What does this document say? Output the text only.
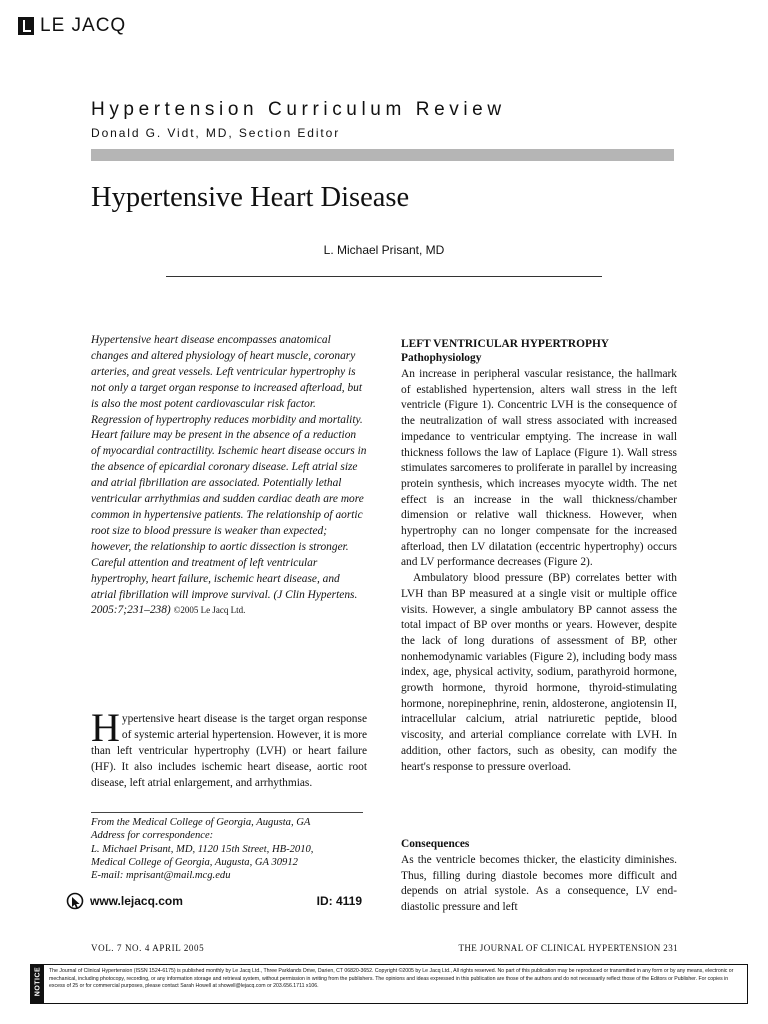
LE JACQ
Hypertension Curriculum Review
Donald G. Vidt, MD, Section Editor
Hypertensive Heart Disease
L. Michael Prisant, MD
Hypertensive heart disease encompasses anatomical changes and altered physiology of heart muscle, coronary arteries, and great vessels. Left ventricular hypertrophy is not only a target organ response to increased afterload, but is also the most potent cardiovascular risk factor. Regression of hypertrophy reduces morbidity and mortality. Heart failure may be present in the absence of a reduction of myocardial contractility. Ischemic heart disease occurs in the absence of epicardial coronary disease. Left atrial size and atrial fibrillation are associated. Potentially lethal ventricular arrhythmias and sudden cardiac death are more common in hypertensive patients. The relationship of aortic root size to blood pressure is weaker than expected; however, the relationship to aortic dissection is stronger. Careful attention and treatment of left ventricular hypertrophy, heart failure, ischemic heart disease, and atrial fibrillation will improve survival. (J Clin Hypertens. 2005:7;231–238) ©2005 Le Jacq Ltd.
Hypertensive heart disease is the target organ response of systemic arterial hypertension. However, it is more than left ventricular hypertrophy (LVH) or heart failure (HF). It also includes ischemic heart disease, aortic root disease, left atrial enlargement, and arrhythmias.
From the Medical College of Georgia, Augusta, GA
Address for correspondence:
L. Michael Prisant, MD, 1120 15th Street, HB-2010,
Medical College of Georgia, Augusta, GA 30912
E-mail: mprisant@mail.mcg.edu
www.lejacq.com	ID: 4119
LEFT VENTRICULAR HYPERTROPHY
Pathophysiology

An increase in peripheral vascular resistance, the hallmark of established hypertension, alters wall stress in the left ventricle (Figure 1). Concentric LVH is the consequence of the neutralization of wall stress associated with increased impedance to ventricular emptying. The increase in wall thickness follows the law of Laplace (Figure 1). Wall stress stimulates sarcomeres to proliferate in parallel by increasing protein synthesis, which increases myocyte width. The net effect is an increase in the wall thickness/chamber dimension or relative wall thickness. However, when hypertrophy can no longer compensate for the increased afterload, then LV dilatation (eccentric hypertrophy) occurs and LV performance decreases (Figure 2).

Ambulatory blood pressure (BP) correlates better with LVH than BP measured at a single visit or multiple office visits. However, a single ambulatory BP cannot assess the total impact of BP over months or years. However, despite the lack of long durations of assessment of BP, other nonhemodynamic variables (Figure 2), including body mass index, age, physical activity, sodium, parathyroid hormone, growth hormone, thyroid hormone, thyroid-stimulating hormone, norepinephrine, renin, aldosterone, angiotensin II, intracellular calcium, atrial natriuretic peptide, blood viscosity, and arterial compliance correlate with LVH. In addition, other factors, such as obesity, can modify the heart's response to pressure overload.

Consequences

As the ventricle becomes thicker, the elasticity diminishes. Thus, filling during diastole becomes more difficult and depends on atrial systole. As a consequence, LV end-diastolic pressure and left

VOL. 7 NO. 4 APRIL 2005	THE JOURNAL OF CLINICAL HYPERTENSION 231
NOTICE The Journal of Clinical Hypertension (ISSN 1524-6175) is published monthly by Le Jacq Ltd., Three Parklands Drive, Darien, CT 06820-3652. Copyright ©2005 by Le Jacq Ltd., All rights reserved. No part of this publication may be reproduced or transmitted in any form or by any means, electronic or mechanical, including photocopy, recording, or any information storage and retrieval system, without permission in writing from the publishers. The opinions and ideas expressed in this publication are those of the authors and do not necessarily reflect those of the Editors or Publisher. For copies in excess of 25 or for commercial purposes, please contact Sarah Howell at showell@lejacq.com or 203.656.1711 x106.
